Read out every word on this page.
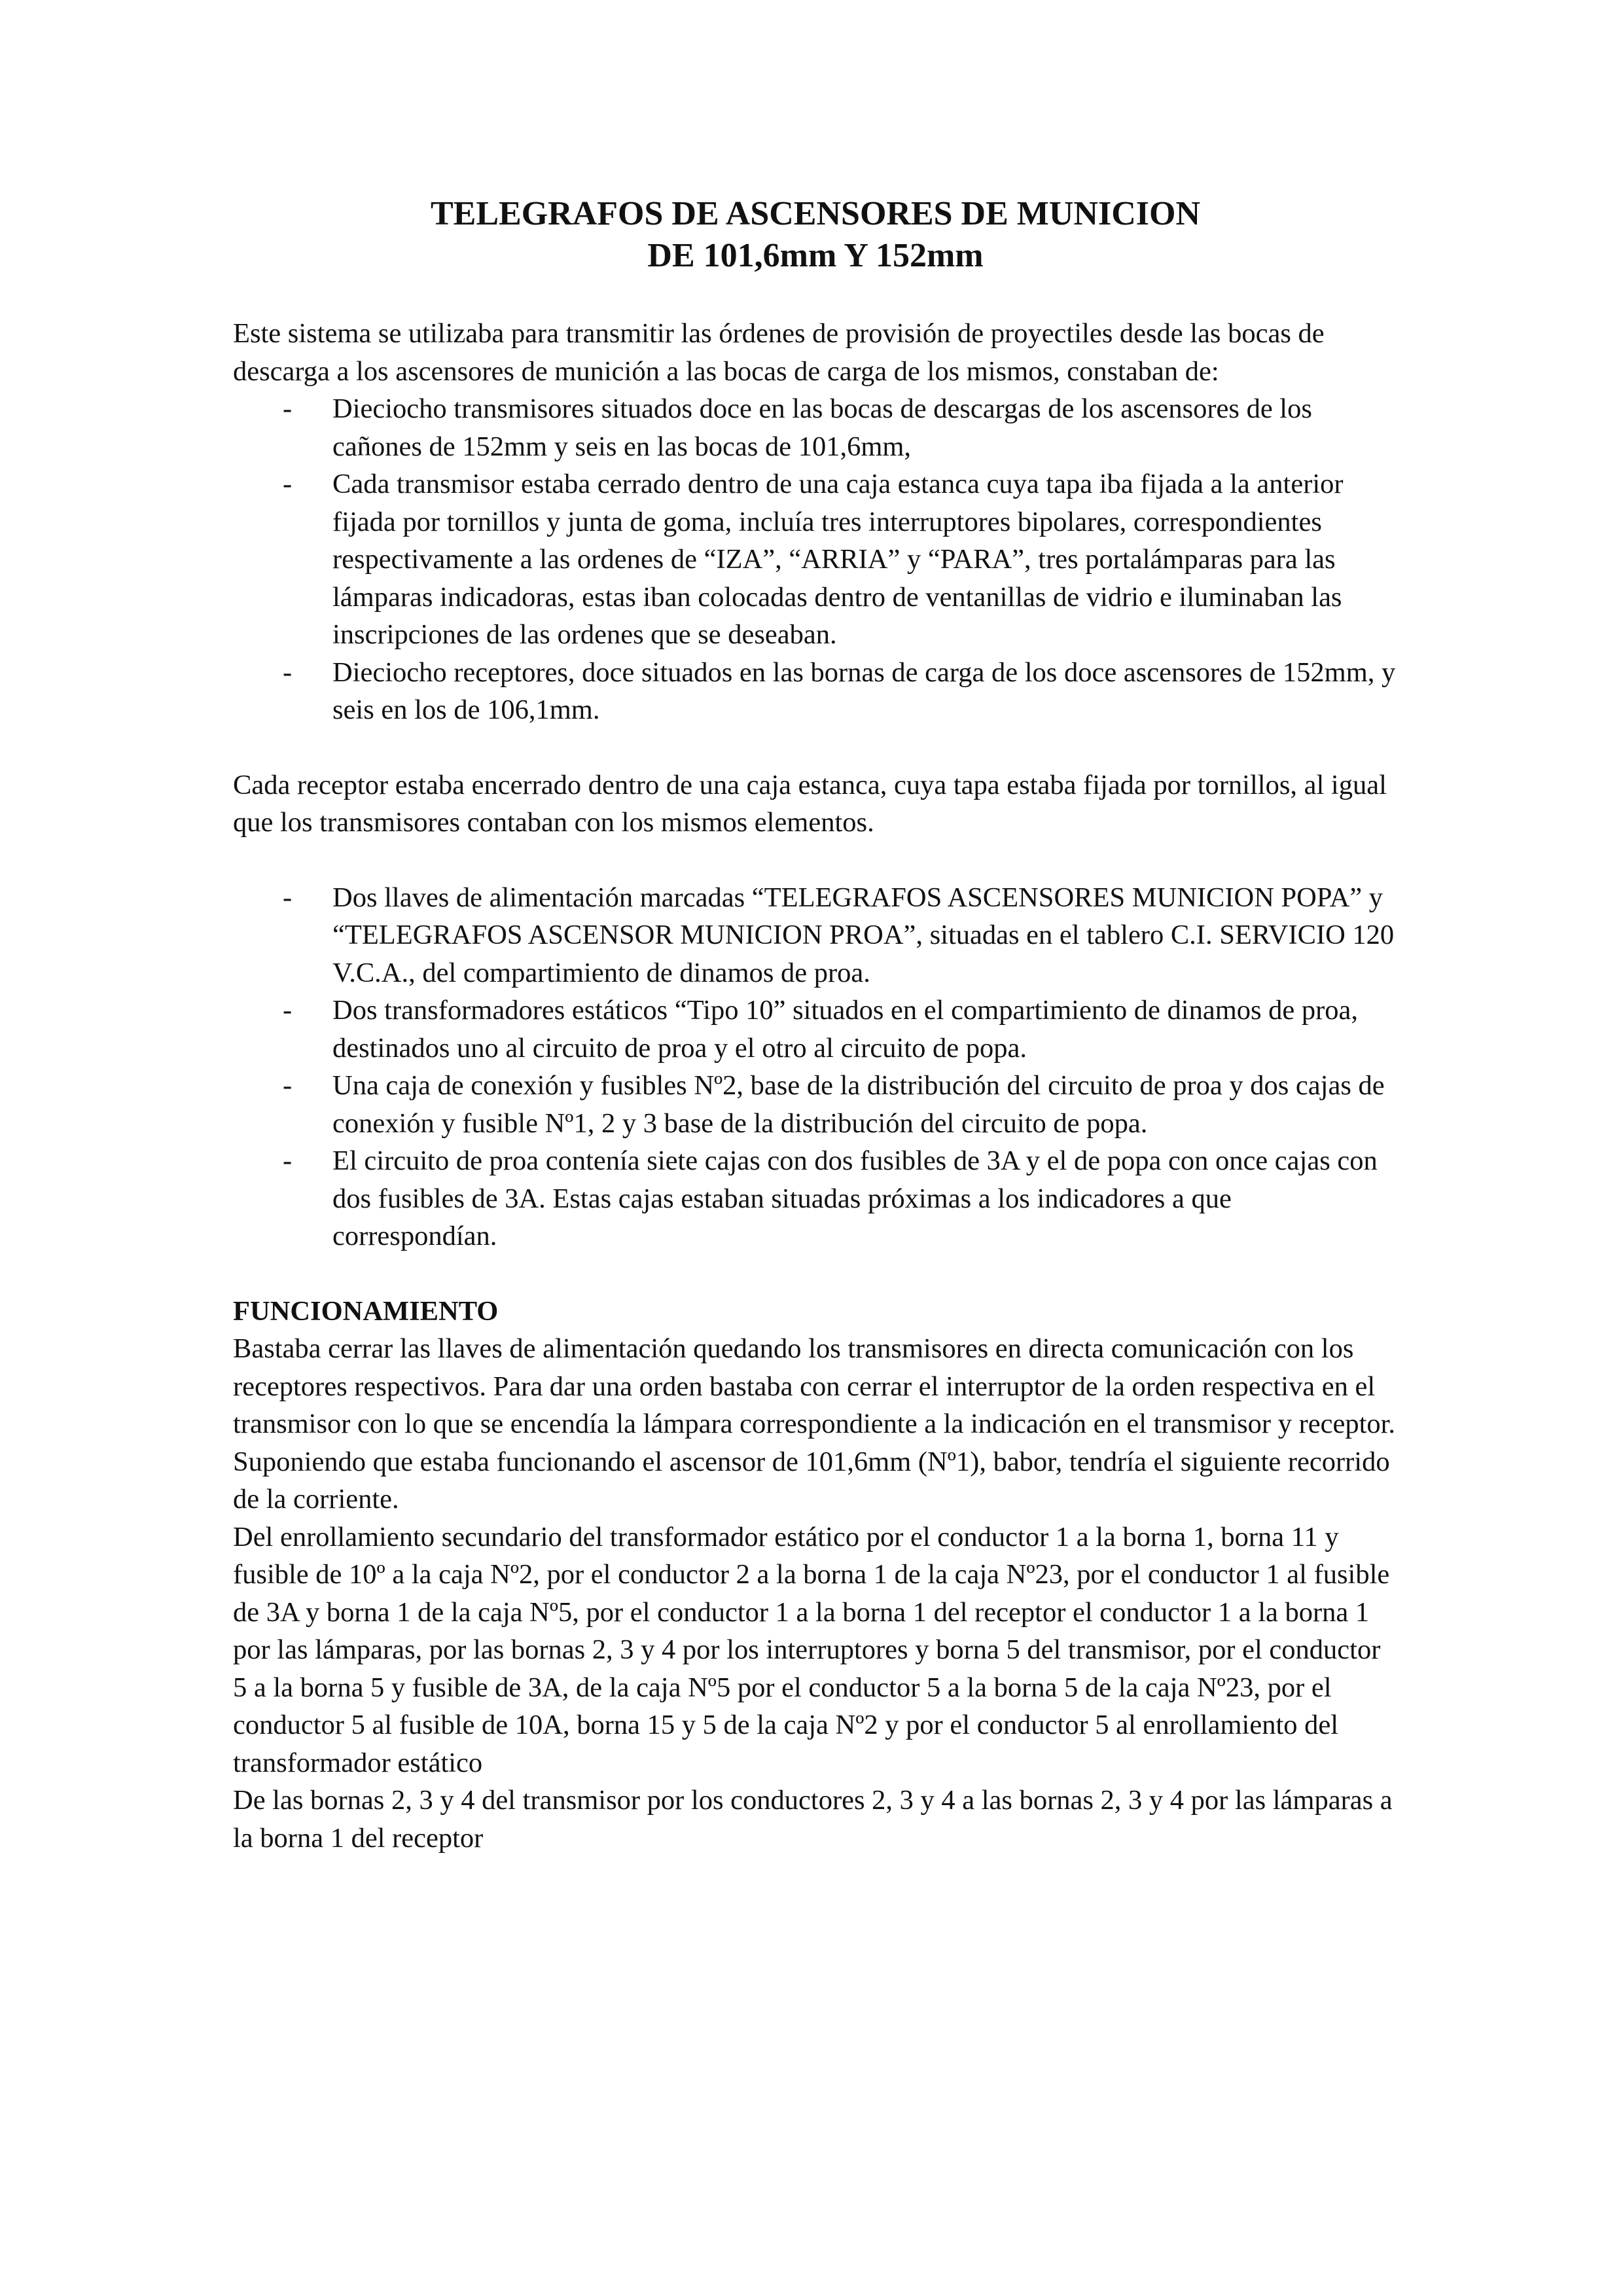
TELEGRAFOS DE ASCENSORES DE MUNICION
DE 101,6mm Y 152mm

Este sistema se utilizaba para transmitir las órdenes de provisión de proyectiles desde las bocas de descarga a los ascensores de munición a las bocas de carga de los mismos, constaban de:

- Dieciocho transmisores situados doce en las bocas de descargas de los ascensores de los cañones de 152mm y seis en las bocas de 101,6mm,
- Cada transmisor estaba cerrado dentro de una caja estanca cuya tapa iba fijada a la anterior fijada por tornillos y junta de goma, incluía tres interruptores bipolares, correspondientes respectivamente a las ordenes de “IZA”, “ARRIA” y “PARA”, tres portalámparas para las lámparas indicadoras, estas iban colocadas dentro de ventanillas de vidrio e iluminaban las inscripciones de las ordenes que se deseaban.
- Dieciocho receptores, doce situados en las bornas de carga de los doce ascensores de 152mm, y seis en los de 106,1mm.

Cada receptor estaba encerrado dentro de una caja estanca, cuya tapa estaba fijada por tornillos, al igual que los transmisores contaban con los mismos elementos.

- Dos llaves de alimentación marcadas “TELEGRAFOS ASCENSORES MUNICION POPA” y “TELEGRAFOS ASCENSOR MUNICION PROA”, situadas en el tablero C.I. SERVICIO 120 V.C.A., del compartimiento de dinamos de proa.
- Dos transformadores estáticos “Tipo 10” situados en el compartimiento de dinamos de proa, destinados uno al circuito de proa y el otro al circuito de popa.
- Una caja de conexión y fusibles Nº2, base de la distribución del circuito de proa y dos cajas de conexión y fusible Nº1, 2 y 3 base de la distribución del circuito de popa.
- El circuito de proa contenía siete cajas con dos fusibles de 3A y el de popa con once cajas con dos fusibles de 3A. Estas cajas estaban situadas próximas a los indicadores a que correspondían.

FUNCIONAMIENTO

Bastaba cerrar las llaves de alimentación quedando los transmisores en directa comunicación con los receptores respectivos. Para dar una orden bastaba con cerrar el interruptor de la orden respectiva en el transmisor con lo que se encendía la lámpara correspondiente a la indicación en el transmisor y receptor.

Suponiendo que estaba funcionando el ascensor de 101,6mm (Nº1), babor, tendría el siguiente recorrido de la corriente.

Del enrollamiento secundario del transformador estático por el conductor 1 a la borna 1, borna 11 y fusible de 10º a la caja Nº2, por el conductor 2 a la borna 1 de la caja Nº23, por el conductor 1 al fusible de 3A y borna 1 de la caja Nº5, por el conductor 1 a la borna 1 del receptor el conductor 1 a la borna 1 por las lámparas, por las bornas 2, 3 y 4 por los interruptores y borna 5 del transmisor, por el conductor 5 a la borna 5 y fusible de 3A, de la caja Nº5 por el conductor 5 a la borna 5 de la caja Nº23, por el conductor 5 al fusible de 10A, borna 15 y 5 de la caja Nº2 y por el conductor 5 al enrollamiento del transformador estático

De las bornas 2, 3 y 4 del transmisor por los conductores 2, 3 y 4 a las bornas 2, 3 y 4 por las lámparas a la borna 1 del receptor
